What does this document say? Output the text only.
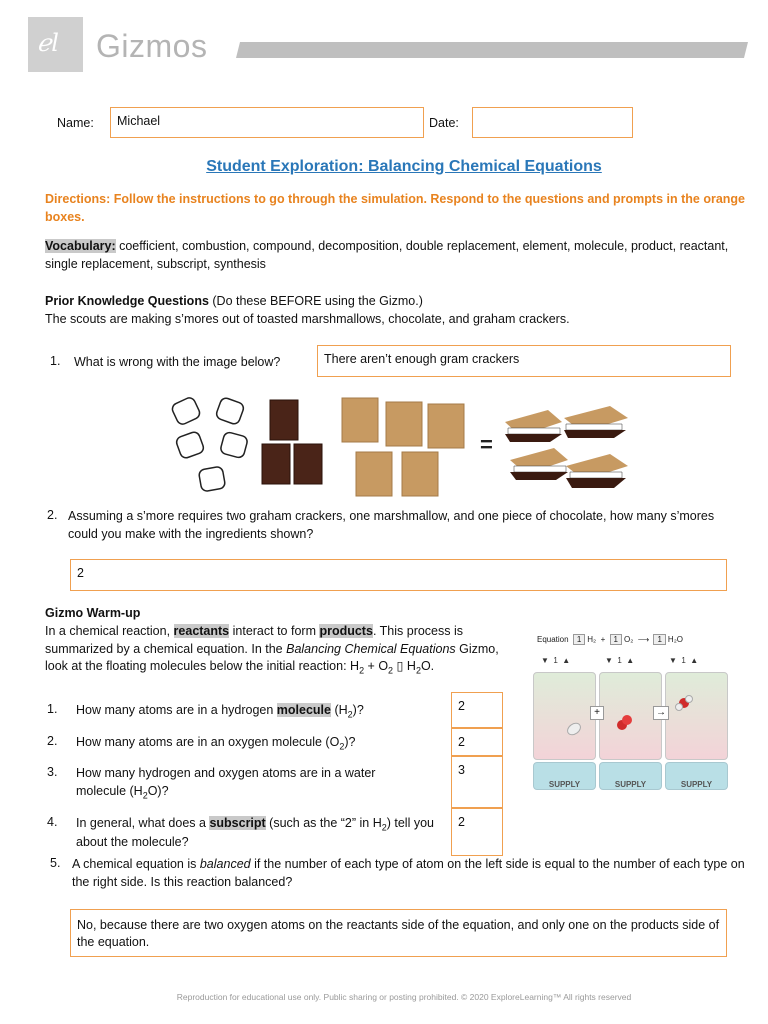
ℯl Gizmos
Name:	Michael	Date:
Student Exploration: Balancing Chemical Equations
Directions: Follow the instructions to go through the simulation. Respond to the questions and prompts in the orange boxes.
Vocabulary: coefficient, combustion, compound, decomposition, double replacement, element, molecule, product, reactant, single replacement, subscript, synthesis
Prior Knowledge Questions (Do these BEFORE using the Gizmo.)
The scouts are making s’mores out of toasted marshmallows, chocolate, and graham crackers.
1. What is wrong with the image below?	There aren’t enough gram crackers
=
2. Assuming a s’more requires two graham crackers, one marshmallow, and one piece of chocolate, how many s’mores could you make with the ingredients shown?
2
Gizmo Warm-up
In a chemical reaction, reactants interact to form products. This process is summarized by a chemical equation. In the Balancing Chemical Equations Gizmo, look at the floating molecules below the initial reaction: $H_2 + O_2$ ▯ $H_2O$.
1. How many atoms are in a hydrogen molecule $(H_2)$?	2
2. How many atoms are in an oxygen molecule $(O_2)$?	2
3. How many hydrogen and oxygen atoms are in a water molecule $(H_2O)$?
3
4. In general, what does a subscript (such as the “2” in $H_2$) tell you about the molecule?
2
Equation 1 H₂ + 1 O₂ ⟶ 1 H₂O
▼  1  ▲	▼  1  ▲	▼  1  ▲
+	→
SUPPLY	SUPPLY	SUPPLY
5. A chemical equation is balanced if the number of each type of atom on the left side is equal to the number of each type on the right side. Is this reaction balanced?
No, because there are two oxygen atoms on the reactants side of the equation, and only one on the products side of the equation.
Reproduction for educational use only. Public sharing or posting prohibited. © 2020 ExploreLearning™ All rights reserved
